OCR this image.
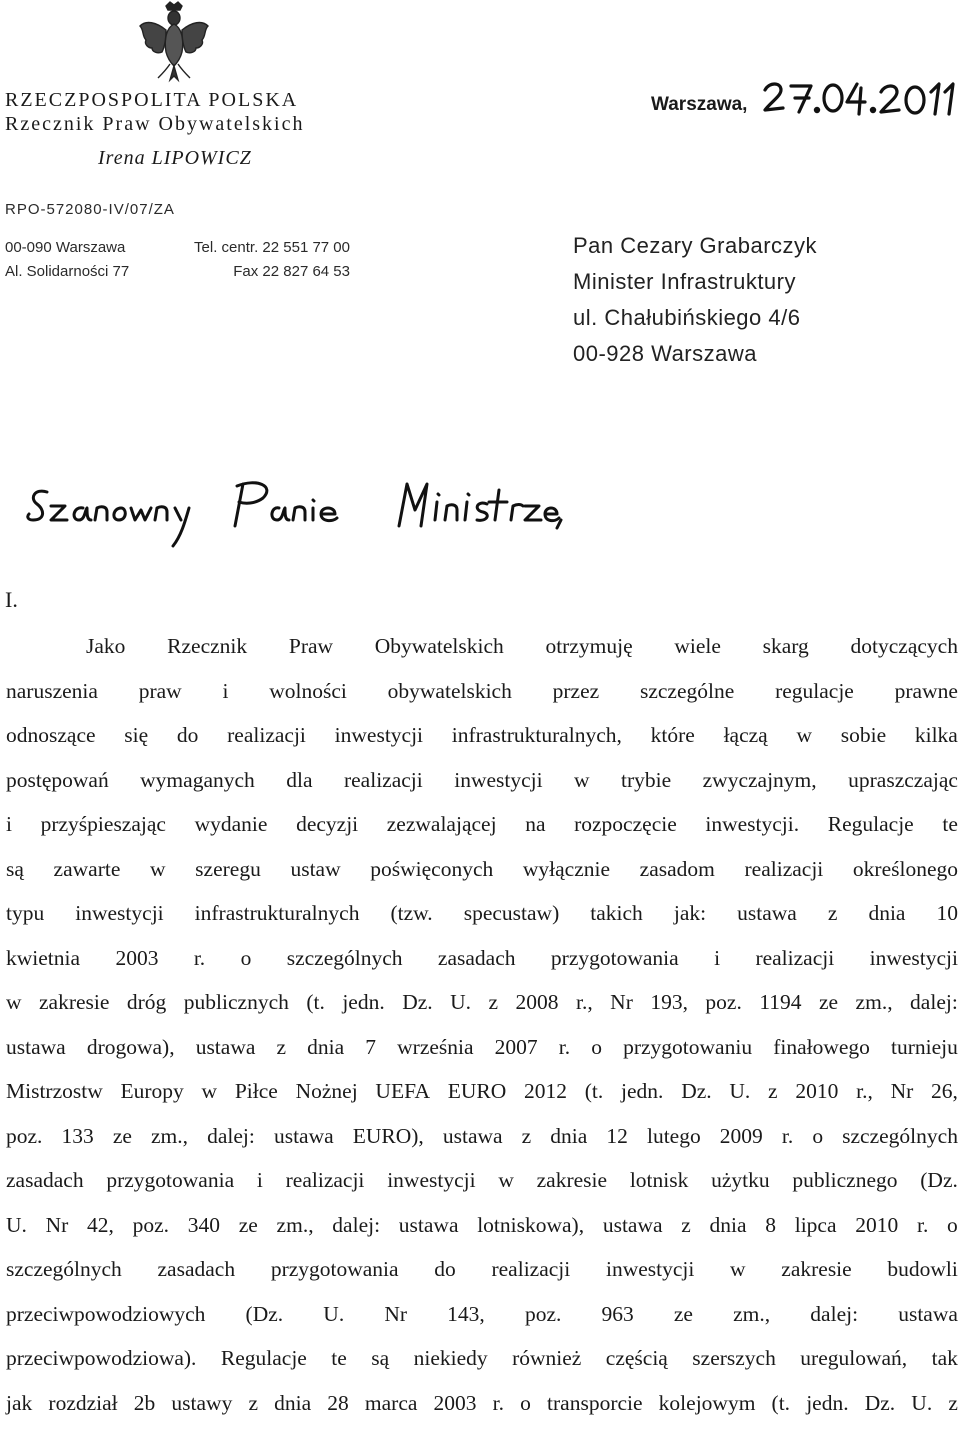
RZECZPOSPOLITA POLSKA
Rzecznik Praw Obywatelskich
Irena LIPOWICZ
RPO-572080-IV/07/ZA
00-090 Warszawa
Al. Solidarności 77
Tel. centr. 22 551 77 00
Fax 22 827 64 53
Warszawa,
Pan Cezary Grabarczyk
Minister Infrastruktury
ul. Chałubińskiego 4/6
00-928 Warszawa
I.
Jako Rzecznik Praw Obywatelskich otrzymuję wiele skarg dotyczących
naruszenia praw i wolności obywatelskich przez szczególne regulacje prawne
odnoszące się do realizacji inwestycji infrastrukturalnych, które łączą w sobie kilka
postępowań wymaganych dla realizacji inwestycji w trybie zwyczajnym, upraszczając
i przyśpieszając wydanie decyzji zezwalającej na rozpoczęcie inwestycji. Regulacje te
są zawarte w szeregu ustaw poświęconych wyłącznie zasadom realizacji określonego
typu inwestycji infrastrukturalnych (tzw. specustaw) takich jak: ustawa z dnia 10
kwietnia 2003 r. o szczególnych zasadach przygotowania i realizacji inwestycji
w zakresie dróg publicznych (t. jedn. Dz. U. z 2008 r., Nr 193, poz. 1194 ze zm., dalej:
ustawa drogowa), ustawa z dnia 7 września 2007 r. o przygotowaniu finałowego turnieju
Mistrzostw Europy w Piłce Nożnej UEFA EURO 2012 (t. jedn. Dz. U. z 2010 r., Nr 26,
poz. 133 ze zm., dalej: ustawa EURO), ustawa z dnia 12 lutego 2009 r. o szczególnych
zasadach przygotowania i realizacji inwestycji w zakresie lotnisk użytku publicznego (Dz.
U. Nr 42, poz. 340 ze zm., dalej: ustawa lotniskowa), ustawa z dnia 8 lipca 2010 r. o
szczególnych zasadach przygotowania do realizacji inwestycji w zakresie budowli
przeciwpowodziowych (Dz. U. Nr 143, poz. 963 ze zm., dalej: ustawa
przeciwpowodziowa). Regulacje te są niekiedy również częścią szerszych uregulowań, tak
jak rozdział 2b ustawy z dnia 28 marca 2003 r. o transporcie kolejowym (t. jedn. Dz. U. z
